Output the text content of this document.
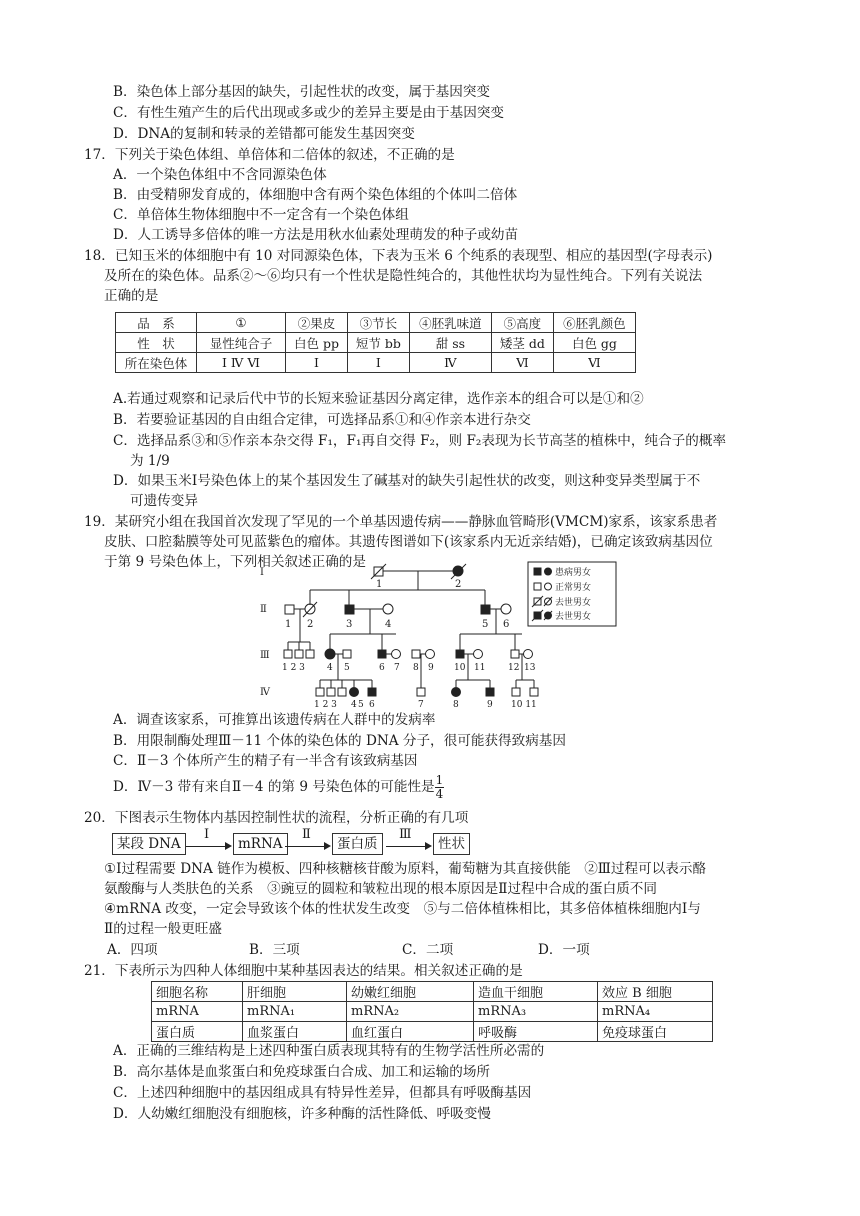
B．染色体上部分基因的缺失，引起性状的改变，属于基因突变
C．有性生殖产生的后代出现或多或少的差异主要是由于基因突变
D．DNA的复制和转录的差错都可能发生基因突变
17．下列关于染色体组、单倍体和二倍体的叙述，不正确的是
A．一个染色体组中不含同源染色体
B．由受精卵发育成的，体细胞中含有两个染色体组的个体叫二倍体
C．单倍体生物体细胞中不一定含有一个染色体组
D．人工诱导多倍体的唯一方法是用秋水仙素处理萌发的种子或幼苗
18．已知玉米的体细胞中有 10 对同源染色体，下表为玉米 6 个纯系的表现型、相应的基因型(字母表示)
及所在的染色体。品系②～⑥均只有一个性状是隐性纯合的，其他性状均为显性纯合。下列有关说法
正确的是
品　系	①	②果皮	③节长	④胚乳味道	⑤高度	⑥胚乳颜色
性　状	显性纯合子	白色 pp	短节 bb	甜 ss	矮茎 dd	白色 gg
所在染色体	Ⅰ Ⅳ Ⅵ	Ⅰ	Ⅰ	Ⅳ	Ⅵ	Ⅵ
A.若通过观察和记录后代中节的长短来验证基因分离定律，选作亲本的组合可以是①和②
B．若要验证基因的自由组合定律，可选择品系①和④作亲本进行杂交
C．选择品系③和⑤作亲本杂交得 F₁，F₁再自交得 F₂，则 F₂表现为长节高茎的植株中，纯合子的概率
为 1/9
D．如果玉米Ⅰ号染色体上的某个基因发生了碱基对的缺失引起性状的改变，则这种变异类型属于不
可遗传变异
19．某研究小组在我国首次发现了罕见的一个单基因遗传病——静脉血管畸形(VMCM)家系，该家系患者
皮肤、口腔黏膜等处可见蓝紫色的瘤体。其遗传图谱如下(该家系内无近亲结婚)，已确定该致病基因位
于第 9 号染色体上，下列相关叙述正确的是
Ⅰ
Ⅱ
Ⅲ
Ⅳ
1	2
1 2	3	4	5 6
1 2 3 4 5	6 7 8 9 10 11	12 13
1 2 3 4 5 6	7	8	9 10 11
患病男女
正常男女
去世男女
去世男女
A．调查该家系，可推算出该遗传病在人群中的发病率
B．用限制酶处理Ⅲ－11 个体的染色体的 DNA 分子，很可能获得致病基因
C．Ⅱ－3 个体所产生的精子有一半含有该致病基因
D．Ⅳ－3 带有来自Ⅱ－4 的第 9 号染色体的可能性是 $\frac{1}{4}$
20．下图表示生物体内基因控制性状的流程，分析正确的有几项
某段 DNA
Ⅰ
mRNA
Ⅱ
蛋白质
Ⅲ
性状
①Ⅰ过程需要 DNA 链作为模板、四种核糖核苷酸为原料，葡萄糖为其直接供能　②Ⅲ过程可以表示酪
氨酸酶与人类肤色的关系　③豌豆的圆粒和皱粒出现的根本原因是Ⅱ过程中合成的蛋白质不同
④mRNA 改变，一定会导致该个体的性状发生改变　⑤与二倍体植株相比，其多倍体植株细胞内Ⅰ与
Ⅱ的过程一般更旺盛
A．四项	B．三项	C．二项	D．一项
21．下表所示为四种人体细胞中某种基因表达的结果。相关叙述正确的是
细胞名称	肝细胞	幼嫩红细胞	造血干细胞	效应 B 细胞
mRNA	mRNA₁	mRNA₂	mRNA₃	mRNA₄
蛋白质	血浆蛋白	血红蛋白	呼吸酶	免疫球蛋白
A．正确的三维结构是上述四种蛋白质表现其特有的生物学活性所必需的
B．高尔基体是血浆蛋白和免疫球蛋白合成、加工和运输的场所
C．上述四种细胞中的基因组成具有特异性差异，但都具有呼吸酶基因
D．人幼嫩红细胞没有细胞核，许多种酶的活性降低、呼吸变慢
